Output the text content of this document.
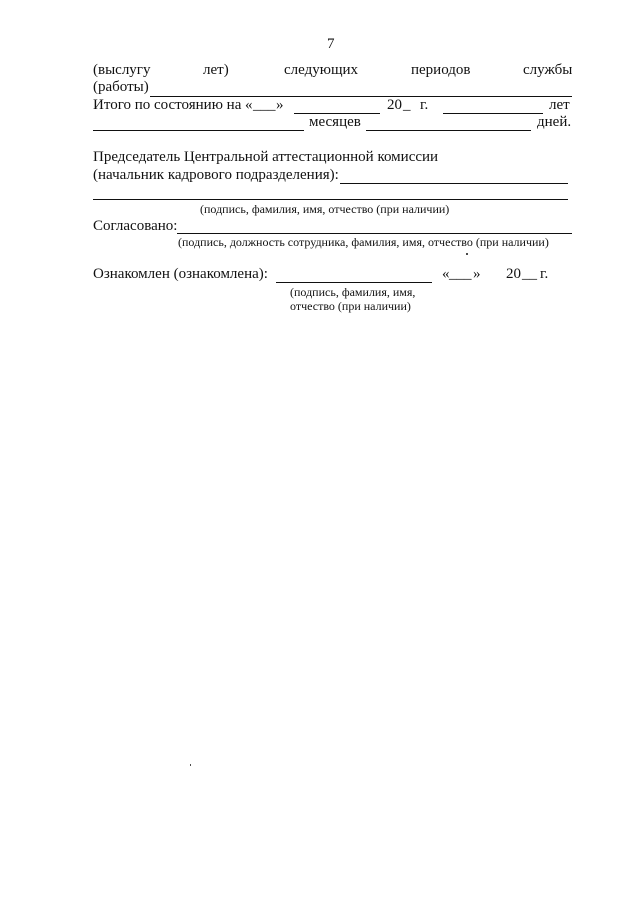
7
(выслугу	лет)	следующих	периодов	службы
(работы)
Итого по состоянию на « ___ »	20 _ г.	лет
месяцев	дней.
Председатель Центральной аттестационной комиссии
(начальник кадрового подразделения):
(подпись, фамилия, имя, отчество (при наличии)
Согласовано:
(подпись, должность сотрудника, фамилия, имя, отчество (при наличии)
Ознакомлен (ознакомлена):	« ___ » 20 __ г.
(подпись, фамилия, имя,
отчество (при наличии)
